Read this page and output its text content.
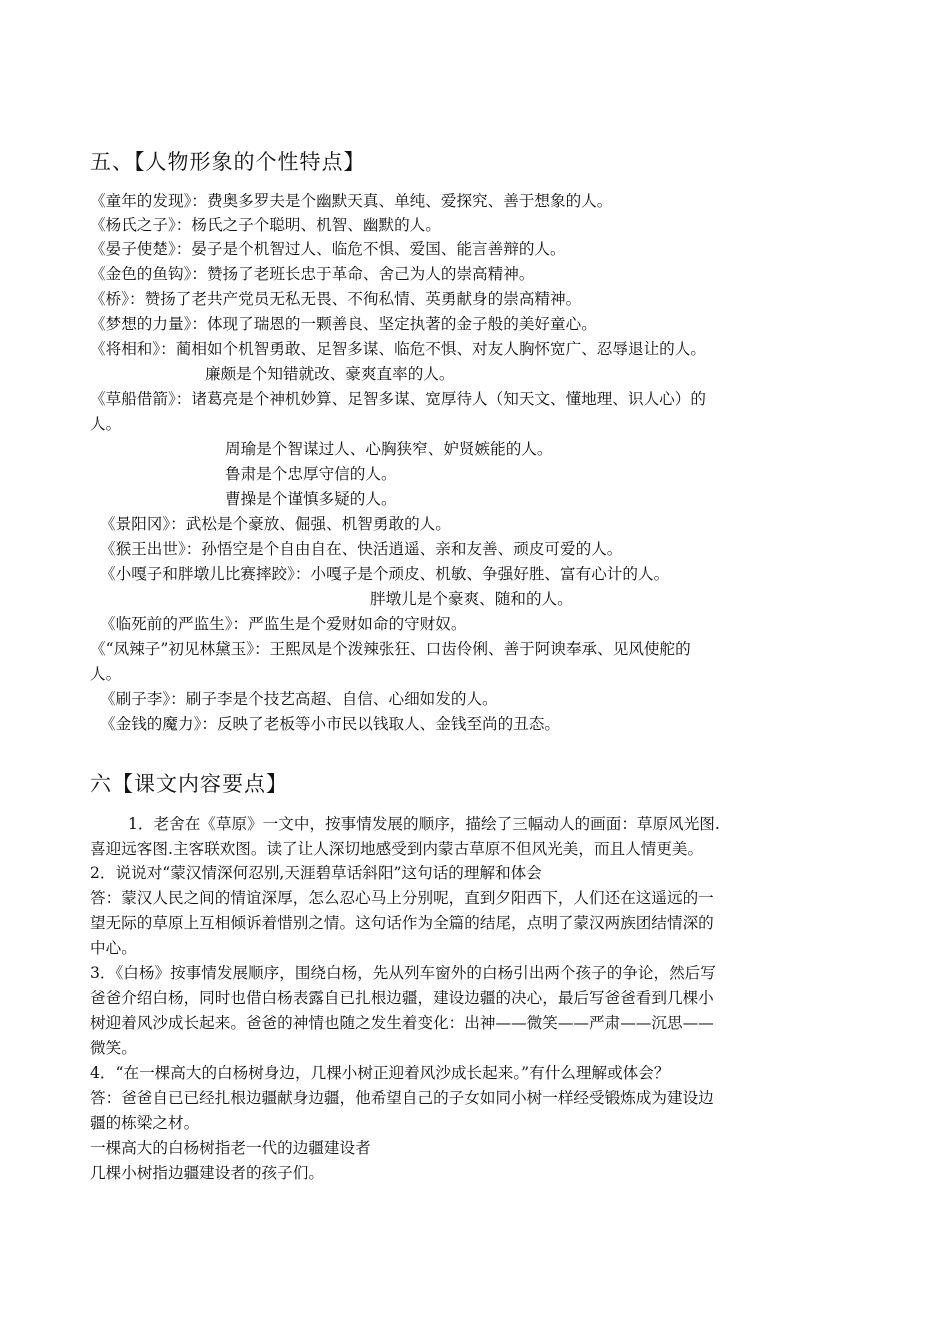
五、【人物形象的个性特点】
《童年的发现》：费奥多罗夫是个幽默天真、单纯、爱探究、善于想象的人。
《杨氏之子》：杨氏之子个聪明、机智、幽默的人。
《晏子使楚》：晏子是个机智过人、临危不惧、爱国、能言善辩的人。
《金色的鱼钩》：赞扬了老班长忠于革命、舍己为人的崇高精神。
《桥》：赞扬了老共产党员无私无畏、不徇私情、英勇献身的崇高精神。
《梦想的力量》：体现了瑞恩的一颗善良、坚定执著的金子般的美好童心。
《将相和》：蔺相如个机智勇敢、足智多谋、临危不惧、对友人胸怀宽广、忍辱退让的人。
廉颇是个知错就改、豪爽直率的人。
《草船借箭》：诸葛亮是个神机妙算、足智多谋、宽厚待人（知天文、懂地理、识人心）的
人。
周瑜是个智谋过人、心胸狭窄、妒贤嫉能的人。
鲁肃是个忠厚守信的人。
曹操是个谨慎多疑的人。
《景阳冈》：武松是个豪放、倔强、机智勇敢的人。
《猴王出世》：孙悟空是个自由自在、快活逍遥、亲和友善、顽皮可爱的人。
《小嘎子和胖墩儿比赛摔跤》：小嘎子是个顽皮、机敏、争强好胜、富有心计的人。
胖墩儿是个豪爽、随和的人。
《临死前的严监生》：严监生是个爱财如命的守财奴。
《“凤辣子”初见林黛玉》：王熙凤是个泼辣张狂、口齿伶俐、善于阿谀奉承、见风使舵的
人。
《刷子李》：刷子李是个技艺高超、自信、心细如发的人。
《金钱的魔力》：反映了老板等小市民以钱取人、金钱至尚的丑态。
六【课文内容要点】
1．老舍在《草原》一文中，按事情发展的顺序，描绘了三幅动人的画面：草原风光图.
喜迎远客图.主客联欢图。读了让人深切地感受到内蒙古草原不但风光美，而且人情更美。
2．说说对“蒙汉情深何忍别,天涯碧草话斜阳”这句话的理解和体会
答：蒙汉人民之间的情谊深厚，怎么忍心马上分别呢，直到夕阳西下，人们还在这遥远的一
望无际的草原上互相倾诉着惜别之情。这句话作为全篇的结尾，点明了蒙汉两族团结情深的
中心。
3．《白杨》按事情发展顺序，围绕白杨，先从列车窗外的白杨引出两个孩子的争论，然后写
爸爸介绍白杨，同时也借白杨表露自已扎根边疆，建设边疆的决心，最后写爸爸看到几棵小
树迎着风沙成长起来。爸爸的神情也随之发生着变化：出神——微笑——严肃——沉思——
微笑。
4．“在一棵高大的白杨树身边，几棵小树正迎着风沙成长起来。”有什么理解或体会？
答：爸爸自已已经扎根边疆献身边疆，他希望自己的子女如同小树一样经受锻炼成为建设边
疆的栋梁之材。
一棵高大的白杨树指老一代的边疆建设者
几棵小树指边疆建设者的孩子们。
